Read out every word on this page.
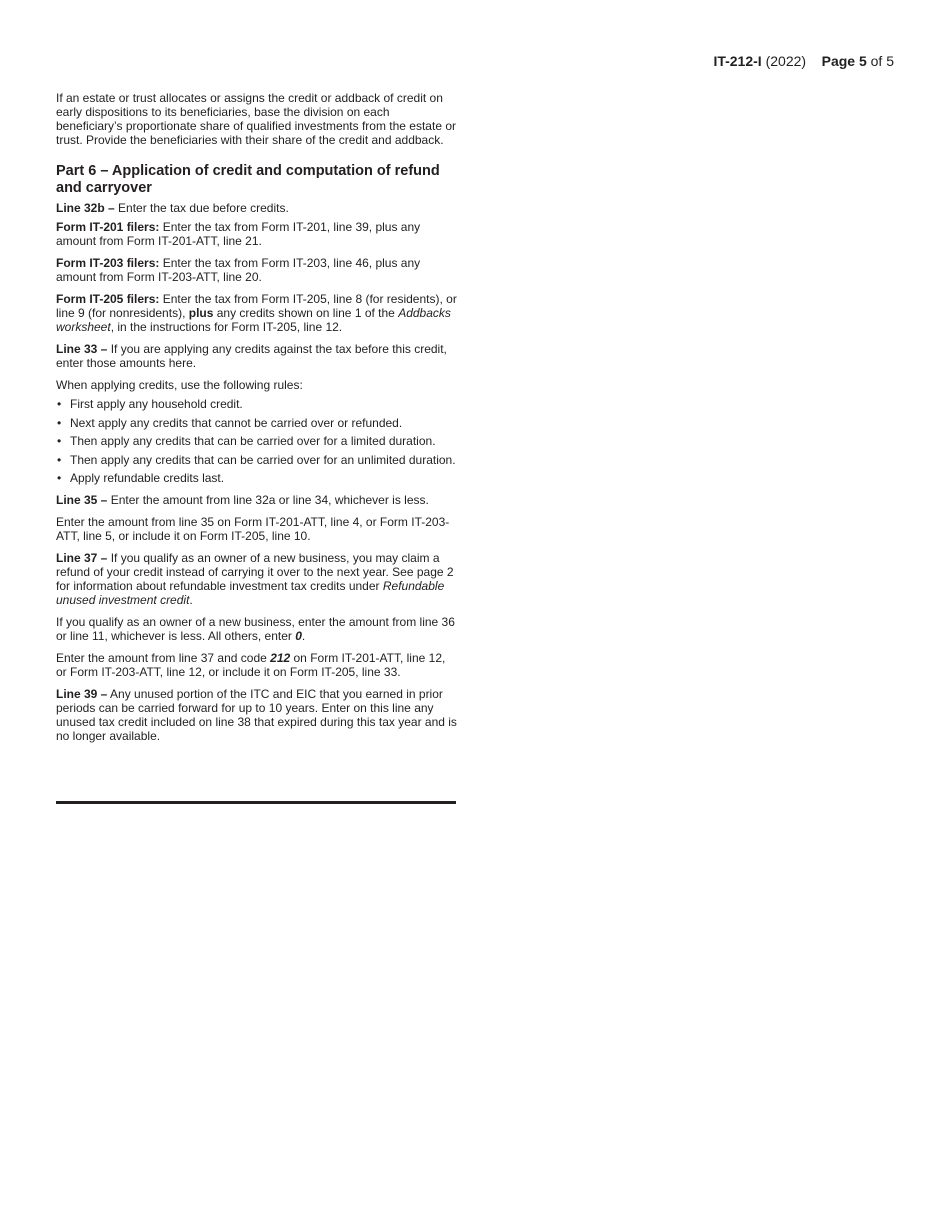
IT-212-I (2022) Page 5 of 5

If an estate or trust allocates or assigns the credit or addback of credit on early dispositions to its beneficiaries, base the division on each beneficiary’s proportionate share of qualified investments from the estate or trust. Provide the beneficiaries with their share of the credit and addback.

Part 6 – Application of credit and computation of refund and carryover

Line 32b – Enter the tax due before credits.

Form IT-201 filers: Enter the tax from Form IT-201, line 39, plus any amount from Form IT-201-ATT, line 21.

Form IT-203 filers: Enter the tax from Form IT-203, line 46, plus any amount from Form IT-203-ATT, line 20.

Form IT-205 filers: Enter the tax from Form IT-205, line 8 (for residents), or line 9 (for nonresidents), plus any credits shown on line 1 of the Addbacks worksheet, in the instructions for Form IT-205, line 12.

Line 33 – If you are applying any credits against the tax before this credit, enter those amounts here.

When applying credits, use the following rules:

• First apply any household credit.
• Next apply any credits that cannot be carried over or refunded.
• Then apply any credits that can be carried over for a limited duration.
• Then apply any credits that can be carried over for an unlimited duration.
• Apply refundable credits last.

Line 35 – Enter the amount from line 32a or line 34, whichever is less.

Enter the amount from line 35 on Form IT-201-ATT, line 4, or Form IT-203-ATT, line 5, or include it on Form IT-205, line 10.

Line 37 – If you qualify as an owner of a new business, you may claim a refund of your credit instead of carrying it over to the next year. See page 2 for information about refundable investment tax credits under Refundable unused investment credit.

If you qualify as an owner of a new business, enter the amount from line 36 or line 11, whichever is less. All others, enter 0.

Enter the amount from line 37 and code 212 on Form IT-201-ATT, line 12, or Form IT-203-ATT, line 12, or include it on Form IT-205, line 33.

Line 39 – Any unused portion of the ITC and EIC that you earned in prior periods can be carried forward for up to 10 years. Enter on this line any unused tax credit included on line 38 that expired during this tax year and is no longer available.
